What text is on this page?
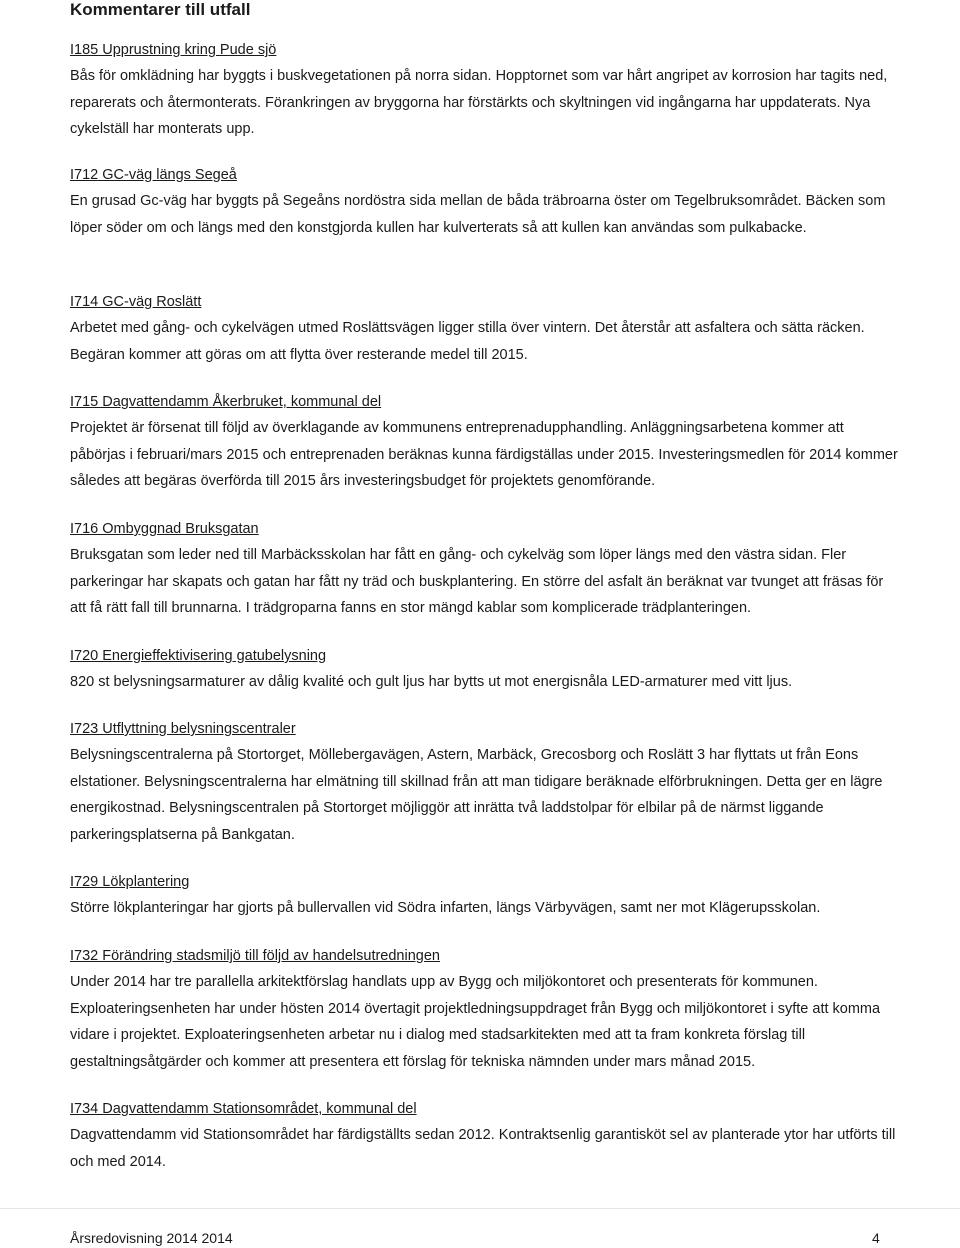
Kommentarer till utfall

I185 Upprustning kring Pude sjö

Bås för omklädning har byggts i buskvegetationen på norra sidan. Hopptornet som var hårt angripet av korrosion har tagits ned, reparerats och återmonterats. Förankringen av bryggorna har förstärkts och skyltningen vid ingångarna har uppdaterats. Nya cykelställ har monterats upp.

I712 GC-väg längs Segeå

En grusad Gc-väg har byggts på Segeåns nordöstra sida mellan de båda träbroarna öster om Tegelbruksområdet. Bäcken som löper söder om och längs med den konstgjorda kullen har kulverterats så att kullen kan användas som pulkabacke.

I714 GC-väg Roslätt

Arbetet med gång- och cykelvägen utmed Roslättsvägen ligger stilla över vintern. Det återstår att asfaltera och sätta räcken. Begäran kommer att göras om att flytta över resterande medel till 2015.

I715 Dagvattendamm Åkerbruket, kommunal del

Projektet är försenat till följd av överklagande av kommunens entreprenadupphandling. Anläggningsarbetena kommer att påbörjas i februari/mars 2015 och entreprenaden beräknas kunna färdigställas under 2015. Investeringsmedlen för 2014 kommer således att begäras överförda till 2015 års investeringsbudget för projektets genomförande.

I716 Ombyggnad Bruksgatan

Bruksgatan som leder ned till Marbäcksskolan har fått en gång- och cykelväg som löper längs med den västra sidan. Fler parkeringar har skapats och gatan har fått ny träd och buskplantering. En större del asfalt än beräknat var tvunget att fräsas för att få rätt fall till brunnarna. I trädgroparna fanns en stor mängd kablar som komplicerade trädplanteringen.

I720 Energieffektivisering gatubelysning

820 st belysningsarmaturer av dålig kvalité och gult ljus har bytts ut mot energisnåla LED-armaturer med vitt ljus.

I723 Utflyttning belysningscentraler

Belysningscentralerna på Stortorget, Möllebergavägen, Astern, Marbäck, Grecosborg och Roslätt 3 har flyttats ut från Eons elstationer. Belysningscentralerna har elmätning till skillnad från att man tidigare beräknade elförbrukningen. Detta ger en lägre energikostnad. Belysningscentralen på Stortorget möjliggör att inrätta två laddstolpar för elbilar på de närmst liggande parkeringsplatserna på Bankgatan.

I729 Lökplantering

Större lökplanteringar har gjorts på bullervallen vid Södra infarten, längs Värbyvägen, samt ner mot Klägerupsskolan.

I732 Förändring stadsmiljö till följd av handelsutredningen

Under 2014 har tre parallella arkitektförslag handlats upp av Bygg och miljökontoret och presenterats för kommunen. Exploateringsenheten har under hösten 2014 övertagit projektledningsuppdraget från Bygg och miljökontoret i syfte att komma vidare i projektet. Exploateringsenheten arbetar nu i dialog med stadsarkitekten med att ta fram konkreta förslag till gestaltningsåtgärder och kommer att presentera ett förslag för tekniska nämnden under mars månad 2015.

I734 Dagvattendamm Stationsområdet, kommunal del

Dagvattendamm vid Stationsområdet har färdigställts sedan 2012. Kontraktsenlig garantisköt sel av planterade ytor har utförts till och med 2014.

Årsredovisning 2014 2014	4
